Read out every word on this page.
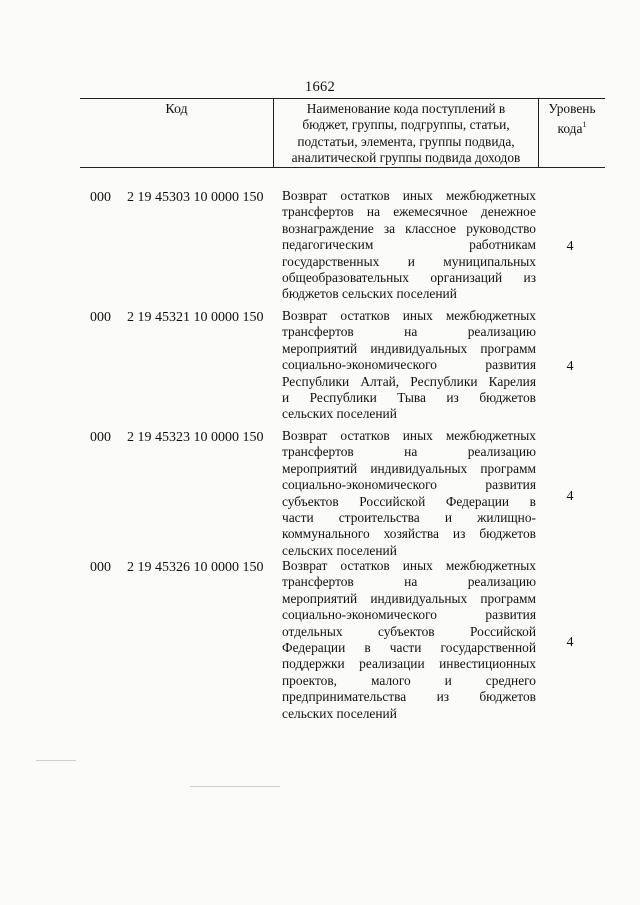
1662
Код	Наименование кода поступлений в
бюджет, группы, подгруппы, статьи,
подстатьи, элемента, группы подвида,
аналитической группы подвида доходов
Уровень
кода$^1$
000 2 19 45303 10 0000 150 Возврат остатков иных межбюджетных
трансфертов на ежемесячное денежное
вознаграждение за классное руководство
педагогическим работникам
государственных и муниципальных
общеобразовательных организаций из
бюджетов сельских поселений
4
000 2 19 45321 10 0000 150 Возврат остатков иных межбюджетных
трансфертов на реализацию
мероприятий индивидуальных программ
социально-экономического развития
Республики Алтай, Республики Карелия
и Республики Тыва из бюджетов
сельских поселений
4
000 2 19 45323 10 0000 150 Возврат остатков иных межбюджетных
трансфертов на реализацию
мероприятий индивидуальных программ
социально-экономического развития
субъектов Российской Федерации в
части строительства и жилищно-
коммунального хозяйства из бюджетов
сельских поселений
4
000 2 19 45326 10 0000 150 Возврат остатков иных межбюджетных
трансфертов на реализацию
мероприятий индивидуальных программ
социально-экономического развития
отдельных субъектов Российской
Федерации в части государственной
поддержки реализации инвестиционных
проектов, малого и среднего
предпринимательства из бюджетов
сельских поселений
4
